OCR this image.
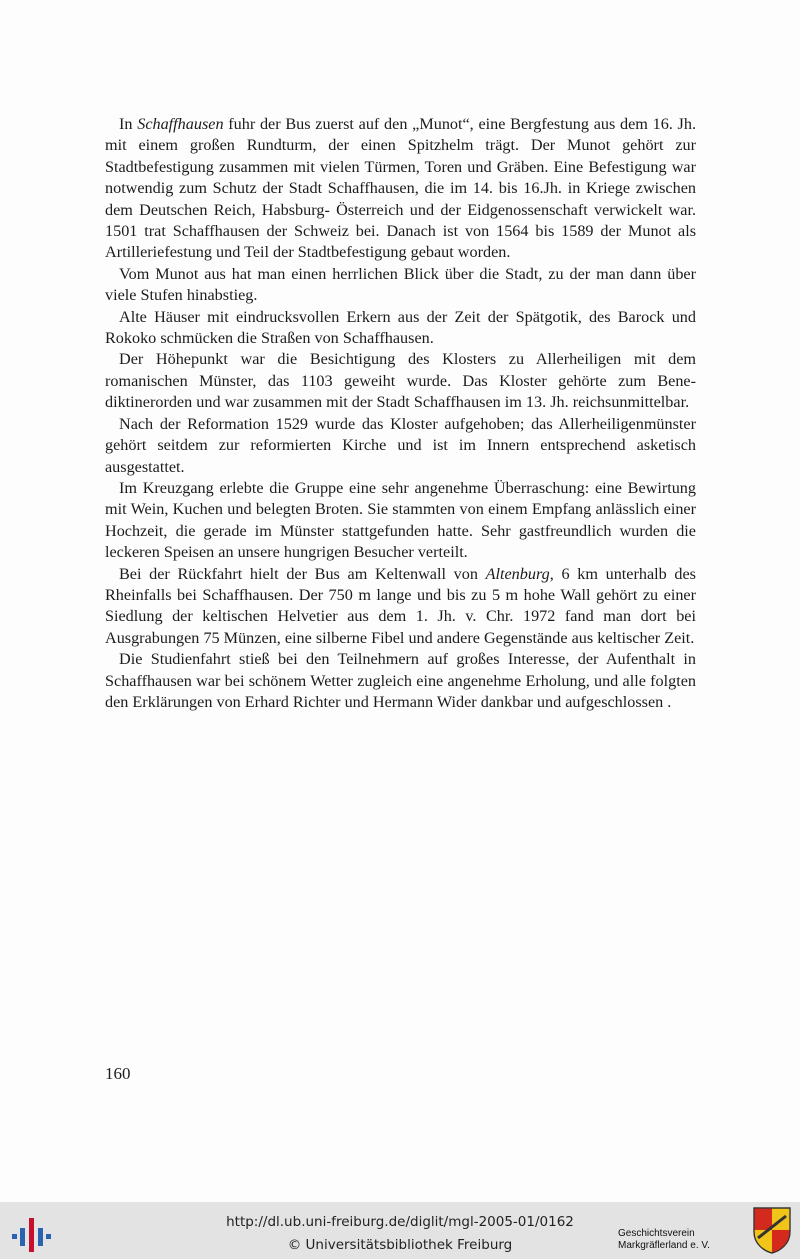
In Schaffhausen fuhr der Bus zuerst auf den „Munot“, eine Bergfestung aus dem 16. Jh. mit einem großen Rundturm, der einen Spitzhelm trägt. Der Munot gehört zur Stadtbefestigung zusammen mit vielen Türmen, Toren und Gräben. Eine Befestigung war notwendig zum Schutz der Stadt Schaffhausen, die im 14. bis 16.Jh. in Kriege zwischen dem Deutschen Reich, Habsburg- Österreich und der Eidgenossenschaft verwickelt war. 1501 trat Schaffhausen der Schweiz bei. Danach ist von 1564 bis 1589 der Munot als Artilleriefestung und Teil der Stadtbefestigung gebaut worden.

Vom Munot aus hat man einen herrlichen Blick über die Stadt, zu der man dann über viele Stufen hinabstieg.

Alte Häuser mit eindrucksvollen Erkern aus der Zeit der Spätgotik, des Barock und Rokoko schmücken die Straßen von Schaffhausen.

Der Höhepunkt war die Besichtigung des Klosters zu Allerheiligen mit dem romanischen Münster, das 1103 geweiht wurde. Das Kloster gehörte zum Benediktinerorden und war zusammen mit der Stadt Schaffhausen im 13. Jh. reichsunmittelbar.

Nach der Reformation 1529 wurde das Kloster aufgehoben; das Allerheiligenmünster gehört seitdem zur reformierten Kirche und ist im Innern entsprechend asketisch ausgestattet.

Im Kreuzgang erlebte die Gruppe eine sehr angenehme Überraschung: eine Bewirtung mit Wein, Kuchen und belegten Broten. Sie stammten von einem Empfang anlässlich einer Hochzeit, die gerade im Münster stattgefunden hatte. Sehr gastfreundlich wurden die leckeren Speisen an unsere hungrigen Besucher verteilt.

Bei der Rückfahrt hielt der Bus am Keltenwall von Altenburg, 6 km unterhalb des Rheinfalls bei Schaffhausen. Der 750 m lange und bis zu 5 m hohe Wall gehört zu einer Siedlung der keltischen Helvetier aus dem 1. Jh. v. Chr. 1972 fand man dort bei Ausgrabungen 75 Münzen, eine silberne Fibel und andere Gegenstände aus keltischer Zeit.

Die Studienfahrt stieß bei den Teilnehmern auf großes Interesse, der Aufenthalt in Schaffhausen war bei schönem Wetter zugleich eine angenehme Erholung, und alle folgten den Erklärungen von Erhard Richter und Hermann Wider dankbar und aufgeschlossen .

160
http://dl.ub.uni-freiburg.de/diglit/mgl-2005-01/0162
© Universitätsbibliothek Freiburg
Geschichtsverein
Markgräflerland e. V.
